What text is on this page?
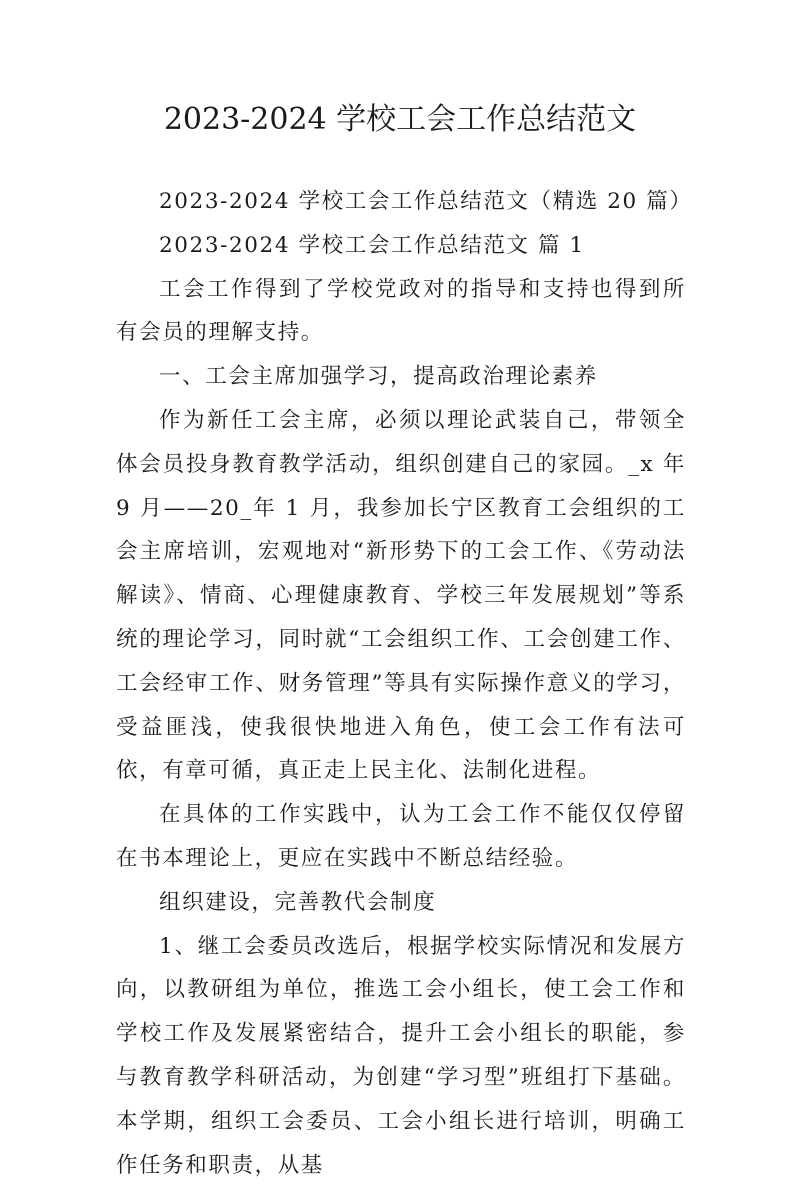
2023-2024 学校工会工作总结范文

2023-2024 学校工会工作总结范文（精选 20 篇）

2023-2024 学校工会工作总结范文 篇 1

工会工作得到了学校党政对的指导和支持也得到所有会员的理解支持。

一、工会主席加强学习，提高政治理论素养

作为新任工会主席，必须以理论武装自己，带领全体会员投身教育教学活动，组织创建自己的家园。_x 年 9 月——20_年 1 月，我参加长宁区教育工会组织的工会主席培训，宏观地对“新形势下的工会工作、《劳动法解读》、情商、心理健康教育、学校三年发展规划”等系统的理论学习，同时就“工会组织工作、工会创建工作、工会经审工作、财务管理”等具有实际操作意义的学习，受益匪浅，使我很快地进入角色，使工会工作有法可依，有章可循，真正走上民主化、法制化进程。

在具体的工作实践中，认为工会工作不能仅仅停留在书本理论上，更应在实践中不断总结经验。

组织建设，完善教代会制度

1、继工会委员改选后，根据学校实际情况和发展方向，以教研组为单位，推选工会小组长，使工会工作和学校工作及发展紧密结合，提升工会小组长的职能，参与教育教学科研活动，为创建“学习型”班组打下基础。本学期，组织工会委员、工会小组长进行培训，明确工作任务和职责，从基
